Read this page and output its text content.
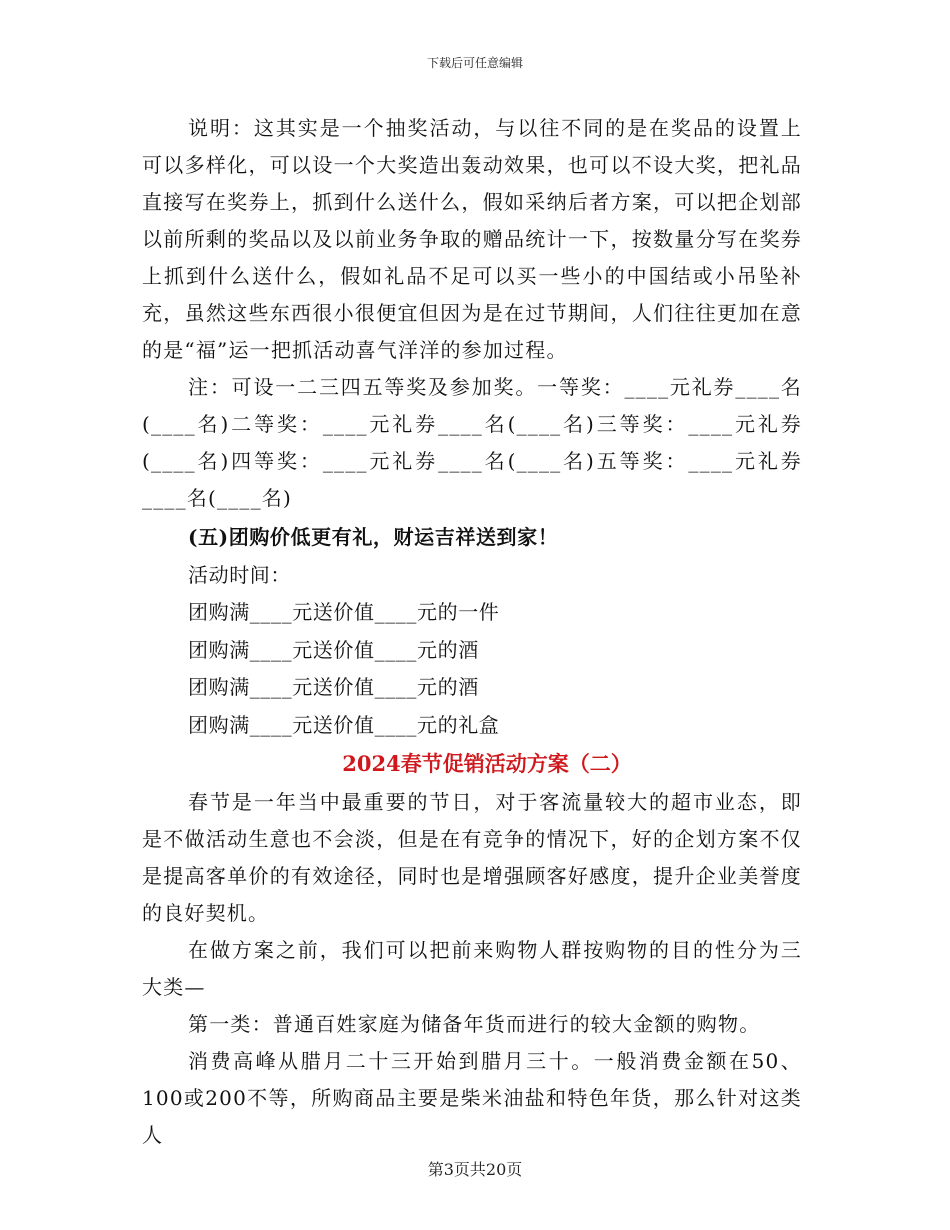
下载后可任意编辑

说明：这其实是一个抽奖活动，与以往不同的是在奖品的设置上可以多样化，可以设一个大奖造出轰动效果，也可以不设大奖，把礼品直接写在奖券上，抓到什么送什么，假如采纳后者方案，可以把企划部以前所剩的奖品以及以前业务争取的赠品统计一下，按数量分写在奖券上抓到什么送什么，假如礼品不足可以买一些小的中国结或小吊坠补充，虽然这些东西很小很便宜但因为是在过节期间，人们往往更加在意的是“福”运一把抓活动喜气洋洋的参加过程。

注：可设一二三四五等奖及参加奖。一等奖：____元礼券____名(____名)二等奖：____元礼券____名(____名)三等奖：____元礼券(____名)四等奖：____元礼券____名(____名)五等奖：____元礼券____名(____名)

(五)团购价低更有礼，财运吉祥送到家！

活动时间：

团购满____元送价值____元的一件

团购满____元送价值____元的酒

团购满____元送价值____元的酒

团购满____元送价值____元的礼盒

2024春节促销活动方案（二）

春节是一年当中最重要的节日，对于客流量较大的超市业态，即是不做活动生意也不会淡，但是在有竞争的情况下，好的企划方案不仅是提高客单价的有效途径，同时也是增强顾客好感度，提升企业美誉度的良好契机。

在做方案之前，我们可以把前来购物人群按购物的目的性分为三大类—

第一类：普通百姓家庭为储备年货而进行的较大金额的购物。

消费高峰从腊月二十三开始到腊月三十。一般消费金额在50、100或200不等，所购商品主要是柴米油盐和特色年货，那么针对这类人

第3页共20页
